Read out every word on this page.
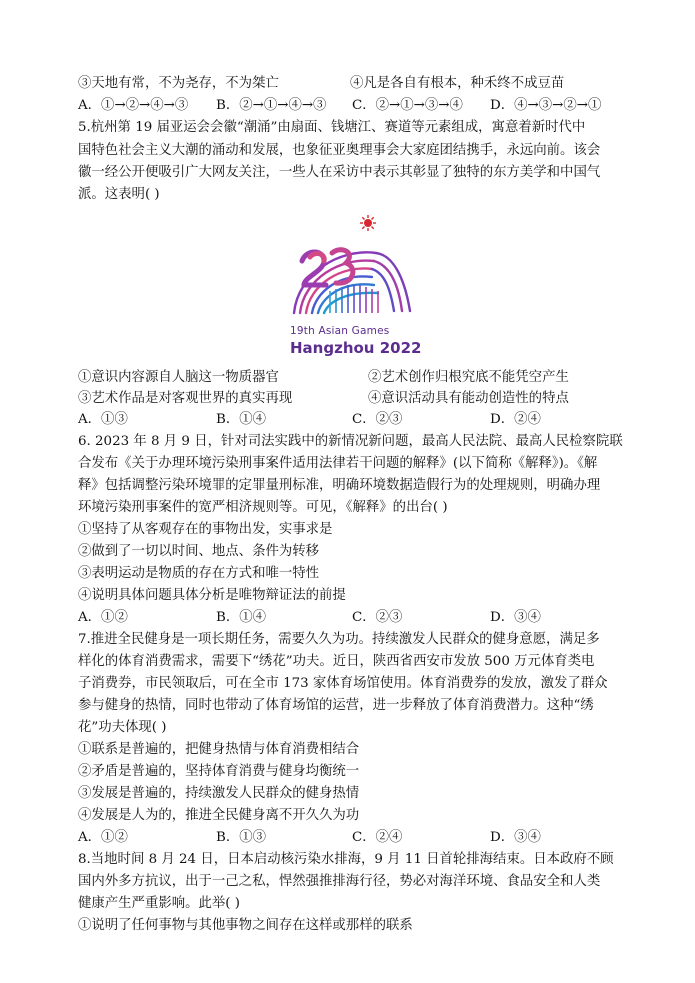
③天地有常，不为尧存，不为桀亡	④凡是各自有根本，种禾终不成豆苗
A．①→②→④→③ B．②→①→④→③ C．②→①→③→④ D．④→③→②→①
5.杭州第 19 届亚运会会徽“潮涌”由扇面、钱塘江、赛道等元素组成，寓意着新时代中
国特色社会主义大潮的涌动和发展，也象征亚奥理事会大家庭团结携手，永远向前。该会
徽一经公开便吸引广大网友关注，一些人在采访中表示其彰显了独特的东方美学和中国气
派。这表明( )
19th Asian Games
Hangzhou 2022
①意识内容源自人脑这一物质器官	②艺术创作归根究底不能凭空产生
③艺术作品是对客观世界的真实再现	④意识活动具有能动创造性的特点
A．①③	B．①④	C．②③	D．②④
6. 2023 年 8 月 9 日，针对司法实践中的新情况新问题，最高人民法院、最高人民检察院联
合发布《关于办理环境污染刑事案件适用法律若干问题的解释》(以下简称《解释》)。《解
释》包括调整污染环境罪的定罪量刑标准，明确环境数据造假行为的处理规则，明确办理
环境污染刑事案件的宽严相济规则等。可见，《解释》的出台( )
①坚持了从客观存在的事物出发，实事求是
②做到了一切以时间、地点、条件为转移
③表明运动是物质的存在方式和唯一特性
④说明具体问题具体分析是唯物辩证法的前提
A．①②	B．①④	C．②③	D．③④
7.推进全民健身是一项长期任务，需要久久为功。持续激发人民群众的健身意愿，满足多
样化的体育消费需求，需要下“绣花”功夫。近日，陕西省西安市发放 500 万元体育类电
子消费券，市民领取后，可在全市 173 家体育场馆使用。体育消费券的发放，激发了群众
参与健身的热情，同时也带动了体育场馆的运营，进一步释放了体育消费潜力。这种“绣
花”功夫体现( )
①联系是普遍的，把健身热情与体育消费相结合
②矛盾是普遍的，坚持体育消费与健身均衡统一
③发展是普遍的，持续激发人民群众的健身热情
④发展是人为的，推进全民健身离不开久久为功
A．①②	B．①③	C．②④	D．③④
8.当地时间 8 月 24 日，日本启动核污染水排海，9 月 11 日首轮排海结束。日本政府不顾
国内外多方抗议，出于一己之私，悍然强推排海行径，势必对海洋环境、食品安全和人类
健康产生严重影响。此举( )
①说明了任何事物与其他事物之间存在这样或那样的联系
